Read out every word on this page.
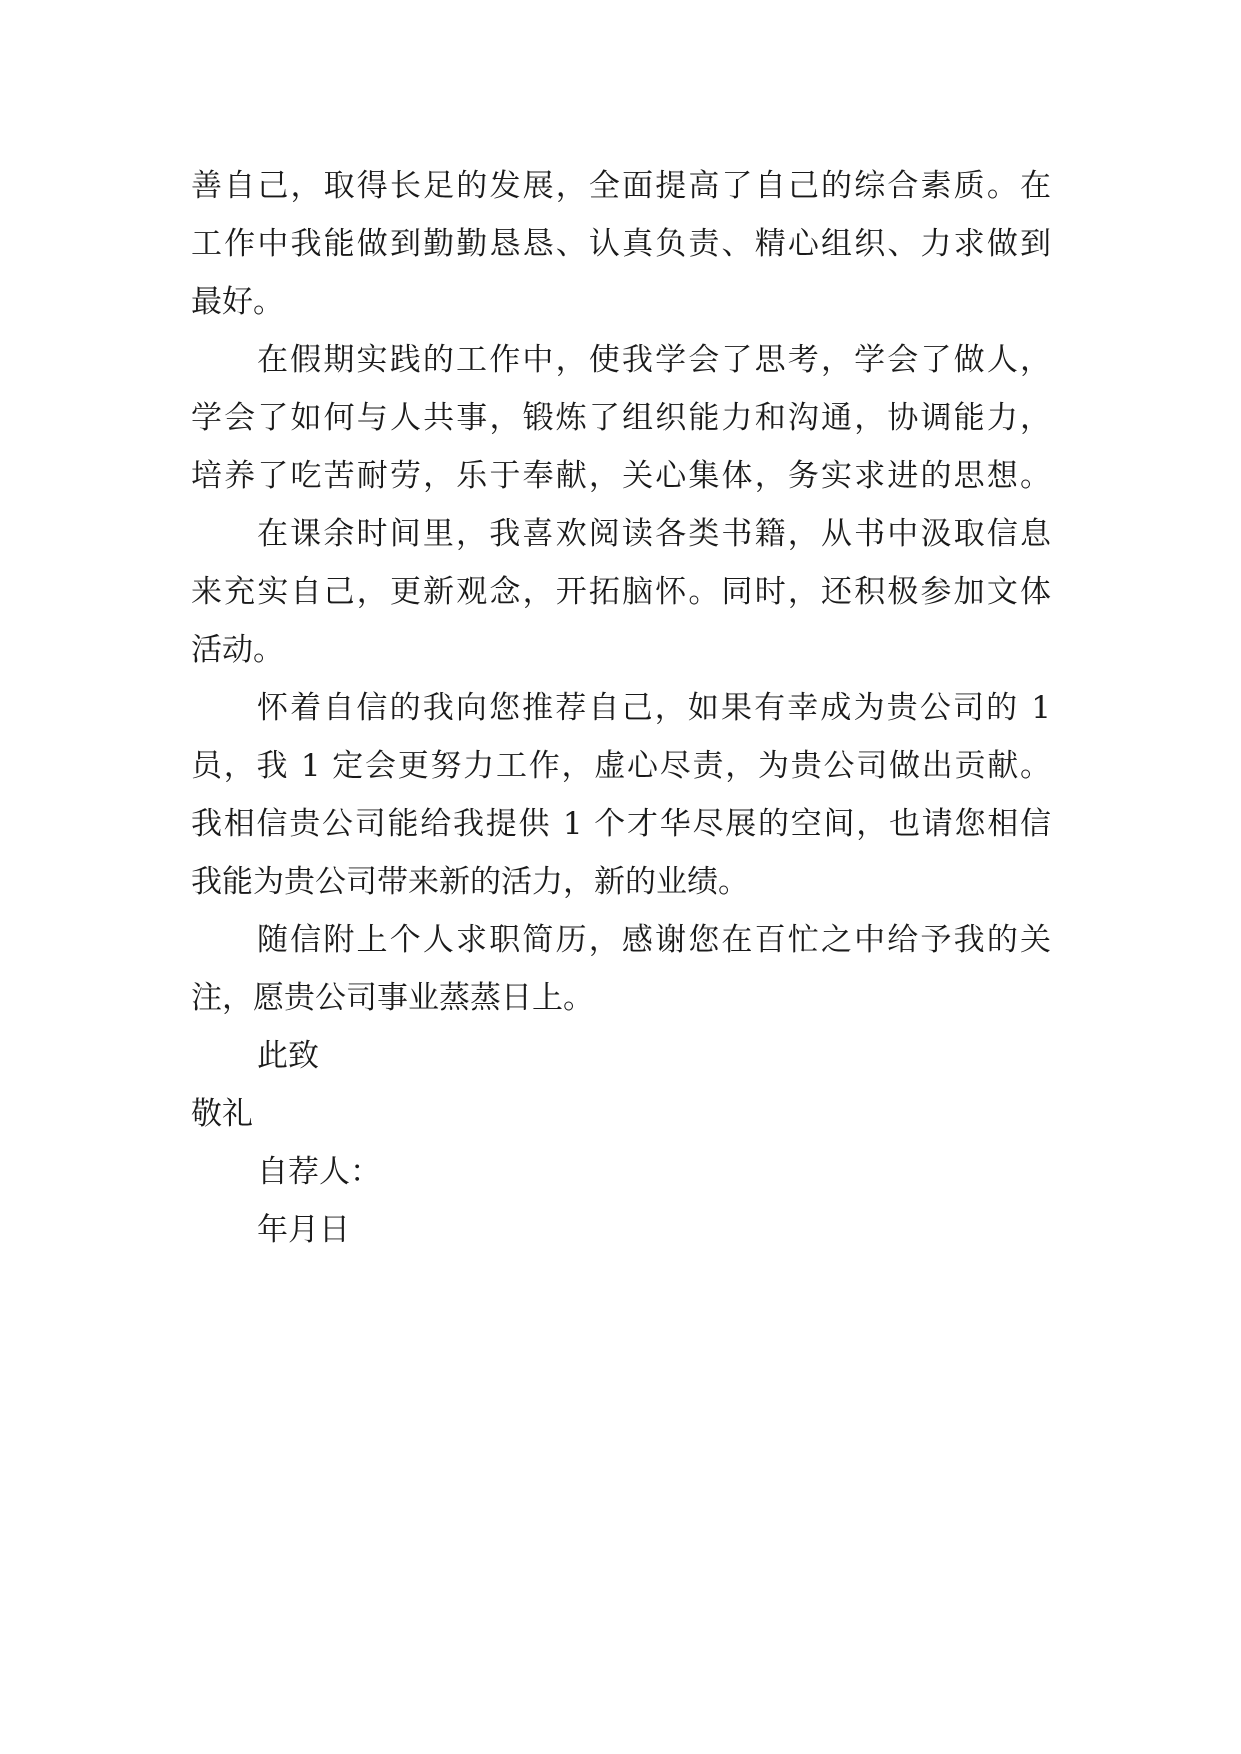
善自己，取得长足的发展，全面提高了自己的综合素质。在
工作中我能做到勤勤恳恳、认真负责、精心组织、力求做到
最好。
在假期实践的工作中，使我学会了思考，学会了做人，
学会了如何与人共事，锻炼了组织能力和沟通，协调能力，
培养了吃苦耐劳，乐于奉献，关心集体，务实求进的思想。
在课余时间里，我喜欢阅读各类书籍，从书中汲取信息
来充实自己，更新观念，开拓脑怀。同时，还积极参加文体
活动。
怀着自信的我向您推荐自己，如果有幸成为贵公司的 1
员，我 1 定会更努力工作，虚心尽责，为贵公司做出贡献。
我相信贵公司能给我提供 1 个才华尽展的空间，也请您相信
我能为贵公司带来新的活力，新的业绩。
随信附上个人求职简历，感谢您在百忙之中给予我的关
注，愿贵公司事业蒸蒸日上。
此致
敬礼
自荐人：
年月日
